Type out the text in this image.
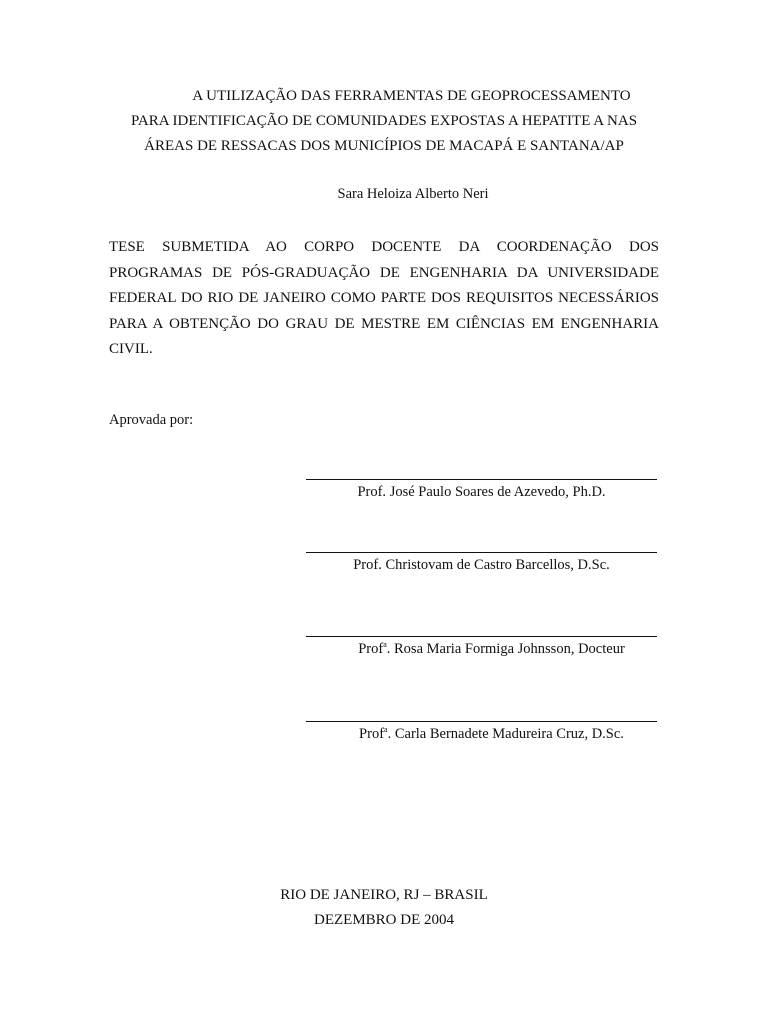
A UTILIZAÇÃO DAS FERRAMENTAS DE GEOPROCESSAMENTO
PARA IDENTIFICAÇÃO DE COMUNIDADES EXPOSTAS A HEPATITE A NAS
ÁREAS DE RESSACAS DOS MUNICÍPIOS DE MACAPÁ E SANTANA/AP
Sara Heloiza Alberto Neri
TESE SUBMETIDA AO CORPO DOCENTE DA COORDENAÇÃO DOS PROGRAMAS DE PÓS-GRADUAÇÃO DE ENGENHARIA DA UNIVERSIDADE FEDERAL DO RIO DE JANEIRO COMO PARTE DOS REQUISITOS NECESSÁRIOS PARA A OBTENÇÃO DO GRAU DE MESTRE EM CIÊNCIAS EM ENGENHARIA CIVIL.
Aprovada por:
Prof. José Paulo Soares de Azevedo, Ph.D.
Prof. Christovam de Castro Barcellos, D.Sc.
Prof$^a$. Rosa Maria Formiga Johnsson, Docteur
Prof$^a$. Carla Bernadete Madureira Cruz, D.Sc.
RIO DE JANEIRO, RJ – BRASIL
DEZEMBRO DE 2004
